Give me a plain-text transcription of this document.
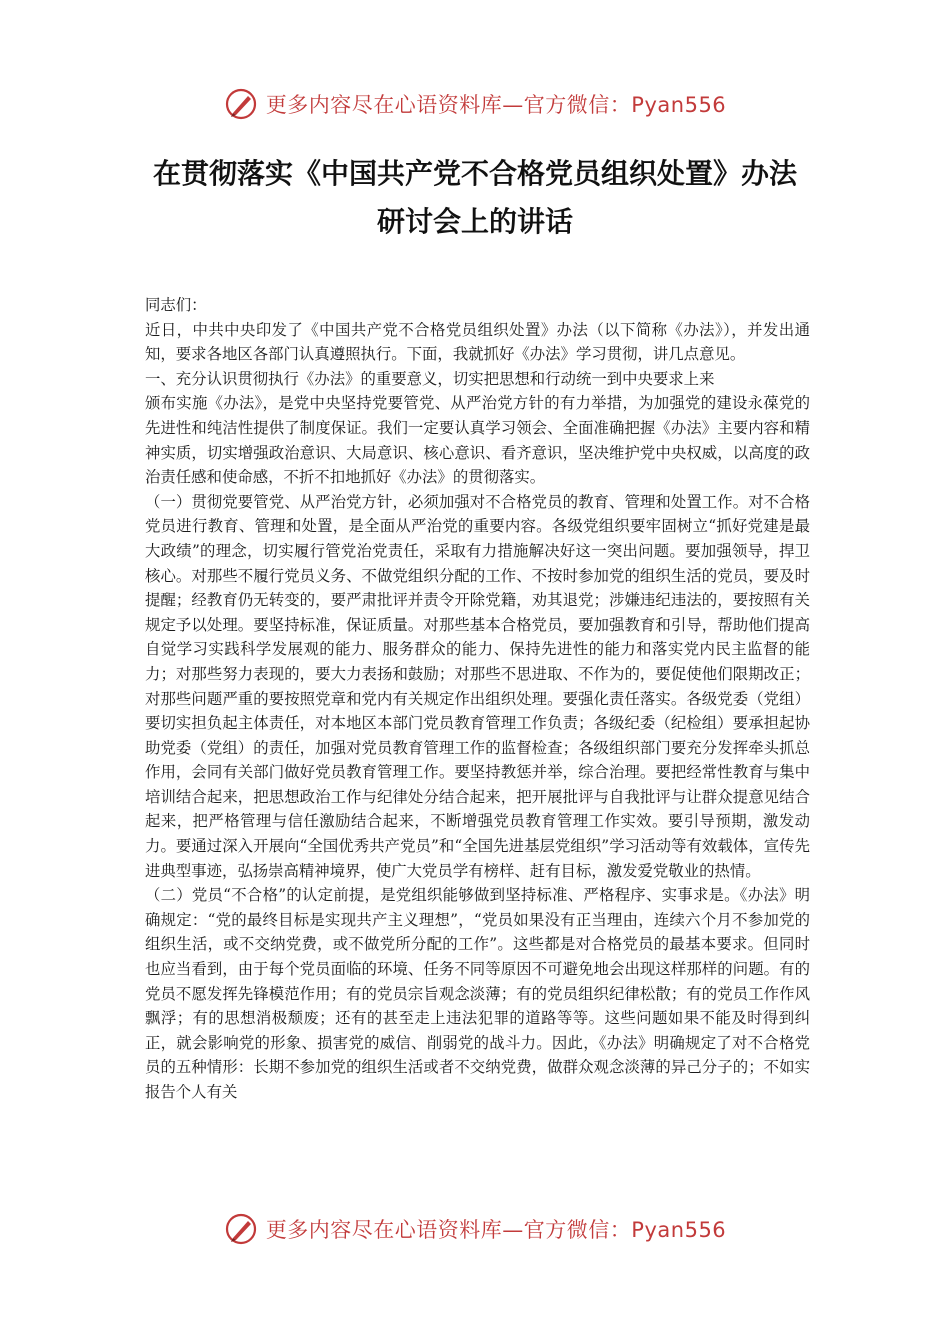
更多内容尽在心语资料库—官方微信：Pyan556
在贯彻落实《中国共产党不合格党员组织处置》办法
研讨会上的讲话

同志们：

近日，中共中央印发了《中国共产党不合格党员组织处置》办法（以下简称《办法》），并发出通知，要求各地区各部门认真遵照执行。下面，我就抓好《办法》学习贯彻，讲几点意见。

一、充分认识贯彻执行《办法》的重要意义，切实把思想和行动统一到中央要求上来

颁布实施《办法》，是党中央坚持党要管党、从严治党方针的有力举措，为加强党的建设永葆党的先进性和纯洁性提供了制度保证。我们一定要认真学习领会、全面准确把握《办法》主要内容和精神实质，切实增强政治意识、大局意识、核心意识、看齐意识，坚决维护党中央权威，以高度的政治责任感和使命感，不折不扣地抓好《办法》的贯彻落实。

（一）贯彻党要管党、从严治党方针，必须加强对不合格党员的教育、管理和处置工作。对不合格党员进行教育、管理和处置，是全面从严治党的重要内容。各级党组织要牢固树立“抓好党建是最大政绩”的理念，切实履行管党治党责任，采取有力措施解决好这一突出问题。要加强领导，捍卫核心。对那些不履行党员义务、不做党组织分配的工作、不按时参加党的组织生活的党员，要及时提醒；经教育仍无转变的，要严肃批评并责令开除党籍，劝其退党；涉嫌违纪违法的，要按照有关规定予以处理。要坚持标准，保证质量。对那些基本合格党员，要加强教育和引导，帮助他们提高自觉学习实践科学发展观的能力、服务群众的能力、保持先进性的能力和落实党内民主监督的能力；对那些努力表现的，要大力表扬和鼓励；对那些不思进取、不作为的，要促使他们限期改正；对那些问题严重的要按照党章和党内有关规定作出组织处理。要强化责任落实。各级党委（党组）要切实担负起主体责任，对本地区本部门党员教育管理工作负责；各级纪委（纪检组）要承担起协助党委（党组）的责任，加强对党员教育管理工作的监督检查；各级组织部门要充分发挥牵头抓总作用，会同有关部门做好党员教育管理工作。要坚持教惩并举，综合治理。要把经常性教育与集中培训结合起来，把思想政治工作与纪律处分结合起来，把开展批评与自我批评与让群众提意见结合起来，把严格管理与信任激励结合起来，不断增强党员教育管理工作实效。要引导预期，激发动力。要通过深入开展向“全国优秀共产党员”和“全国先进基层党组织”学习活动等有效载体，宣传先进典型事迹，弘扬崇高精神境界，使广大党员学有榜样、赶有目标，激发爱党敬业的热情。

（二）党员“不合格”的认定前提，是党组织能够做到坚持标准、严格程序、实事求是。《办法》明确规定：“党的最终目标是实现共产主义理想”，“党员如果没有正当理由，连续六个月不参加党的组织生活，或不交纳党费，或不做党所分配的工作”。这些都是对合格党员的最基本要求。但同时也应当看到，由于每个党员面临的环境、任务不同等原因不可避免地会出现这样那样的问题。有的党员不愿发挥先锋模范作用；有的党员宗旨观念淡薄；有的党员组织纪律松散；有的党员工作作风飘浮；有的思想消极颓废；还有的甚至走上违法犯罪的道路等等。这些问题如果不能及时得到纠正，就会影响党的形象、损害党的威信、削弱党的战斗力。因此，《办法》明确规定了对不合格党员的五种情形：长期不参加党的组织生活或者不交纳党费，做群众观念淡薄的异己分子的；不如实报告个人有关

更多内容尽在心语资料库—官方微信：Pyan556
